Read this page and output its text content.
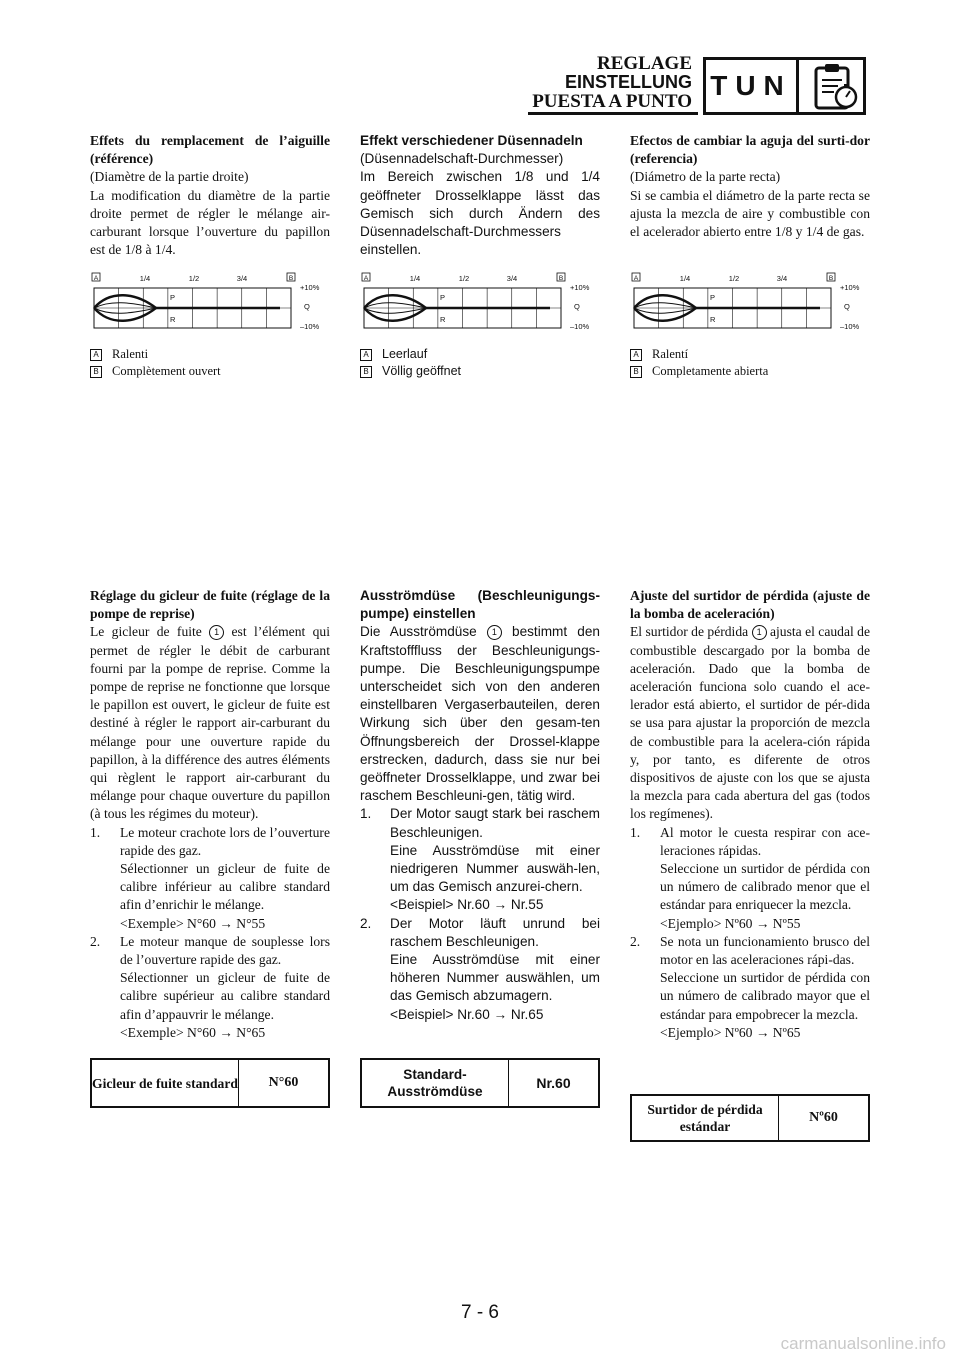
REGLAGE
EINSTELLUNG
PUESTA A PUNTO
TUN

Effets du remplacement de l’aiguille (référence)

(Diamètre de la partie droite)

La modification du diamètre de la partie droite permet de régler le mélange air-carburant lorsque l’ouverture du papillon est de 1/8 à 1/4.

Effekt verschiedener Düsennadeln

(Düsennadelschaft-Durchmesser)

Im Bereich zwischen 1/8 und 1/4 geöffneter Drosselklappe lässt das Gemisch sich durch Ändern des Düsennadelschaft-Durchmessers einstellen.

Efectos de cambiar la aguja del surti-dor (referencia)

(Diámetro de la parte recta)

Si se cambia el diámetro de la parte recta se ajusta la mezcla de aire y combustible con el acelerador abierto entre 1/8 y 1/4 de gas.

A	B
1/4	1/2	3/4
P
R
+10%
Q
–10%
A	B
1/4	1/2	3/4
P
R
+10%
Q
–10%
A	B
1/4	1/2	3/4
P
R
+10%
Q
–10%
A Ralenti
B Complètement ouvert
A Leerlauf
B Völlig geöffnet
A Ralentí
B Completamente abierta

Réglage du gicleur de fuite (réglage de la pompe de reprise)

Le gicleur de fuite 1 est l’élément qui permet de régler le débit de carburant fourni par la pompe de reprise. Comme la pompe de reprise ne fonctionne que lorsque le papillon est ouvert, le gicleur de fuite est destiné à régler le rapport air-carburant du mélange pour une ouverture rapide du papillon, à la différence des autres éléments qui règlent le rapport air-carburant du mélange pour chaque ouverture du papillon (à tous les régimes du moteur).

1. Le moteur crachote lors de l’ouverture rapide des gaz.
Sélectionner un gicleur de fuite de calibre inférieur au calibre standard afin d’enrichir le mélange.
<Exemple> N°60 → N°55
2. Le moteur manque de souplesse lors de l’ouverture rapide des gaz.
Sélectionner un gicleur de fuite de calibre supérieur au calibre standard afin d’appauvrir le mélange.
<Exemple> N°60 → N°65

Ausströmdüse (Beschleunigungs-pumpe) einstellen

Die Ausströmdüse 1 bestimmt den Kraftstofffluss der Beschleunigungs-pumpe. Die Beschleunigungspumpe unterscheidet sich von den anderen einstellbaren Vergaserbauteilen, deren Wirkung sich über den gesam-ten Öffnungsbereich der Drossel-klappe erstrecken, dadurch, dass sie nur bei geöffneter Drosselklappe, und zwar bei raschem Beschleuni-gen, tätig wird.

1. Der Motor saugt stark bei raschem Beschleunigen.
Eine Ausströmdüse mit einer niedrigeren Nummer auswäh-len, um das Gemisch anzurei-chern.
<Beispiel> Nr.60 → Nr.55
2. Der Motor läuft unrund bei raschem Beschleunigen.
Eine Ausströmdüse mit einer höheren Nummer auswählen, um das Gemisch abzumagern.
<Beispiel> Nr.60 → Nr.65

Ajuste del surtidor de pérdida (ajuste de la bomba de aceleración)

El surtidor de pérdida 1 ajusta el caudal de combustible descargado por la bomba de aceleración. Dado que la bomba de aceleración funciona solo cuando el ace-lerador está abierto, el surtidor de pér-dida se usa para ajustar la proporción de mezcla de combustible para la acelera-ción rápida y, por tanto, es diferente de otros dispositivos de ajuste con los que se ajusta la mezcla para cada abertura del gas (todos los regímenes).

1. Al motor le cuesta respirar con ace-leraciones rápidas.
Seleccione un surtidor de pérdida con un número de calibrado menor que el estándar para enriquecer la mezcla.
<Ejemplo> Nº60 → Nº55
2. Se nota un funcionamiento brusco del motor en las aceleraciones rápi-das.
Seleccione un surtidor de pérdida con un número de calibrado mayor que el estándar para empobrecer la mezcla.
<Ejemplo> Nº60 → Nº65
Gicleur de fuite standard	N°60
Standard-Ausströmdüse
Nr.60
Surtidor de pérdida estándar
Nº60
7 - 6
carmanualsonline.info
